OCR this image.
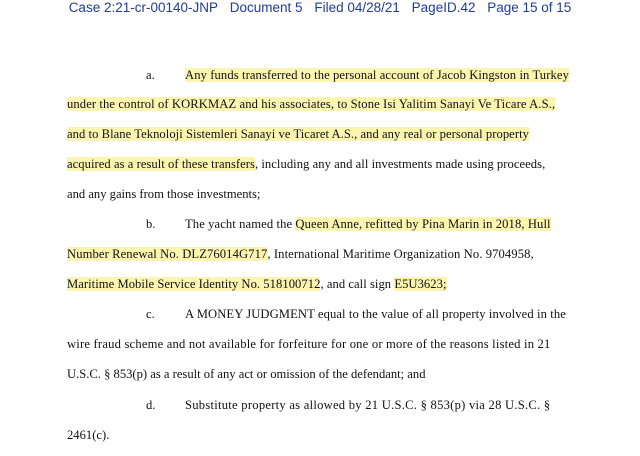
Case 2:21-cr-00140-JNP Document 5 Filed 04/28/21 PageID.42 Page 15 of 15
a. Any funds transferred to the personal account of Jacob Kingston in Turkey
under the control of KORKMAZ and his associates, to Stone Isi Yalitim Sanayi Ve Ticare A.S.,
and to Blane Teknoloji Sistemleri Sanayi ve Ticaret A.S., and any real or personal property
acquired as a result of these transfers, including any and all investments made using proceeds,
and any gains from those investments;
b. The yacht named the Queen Anne, refitted by Pina Marin in 2018, Hull
Number Renewal No. DLZ76014G717, International Maritime Organization No. 9704958,
Maritime Mobile Service Identity No. 518100712, and call sign E5U3623;
c. A MONEY JUDGMENT equal to the value of all property involved in the
wire fraud scheme and not available for forfeiture for one or more of the reasons listed in 21
U.S.C. § 853(p) as a result of any act or omission of the defendant; and
d. Substitute property as allowed by 21 U.S.C. § 853(p) via 28 U.S.C. §
2461(c).
